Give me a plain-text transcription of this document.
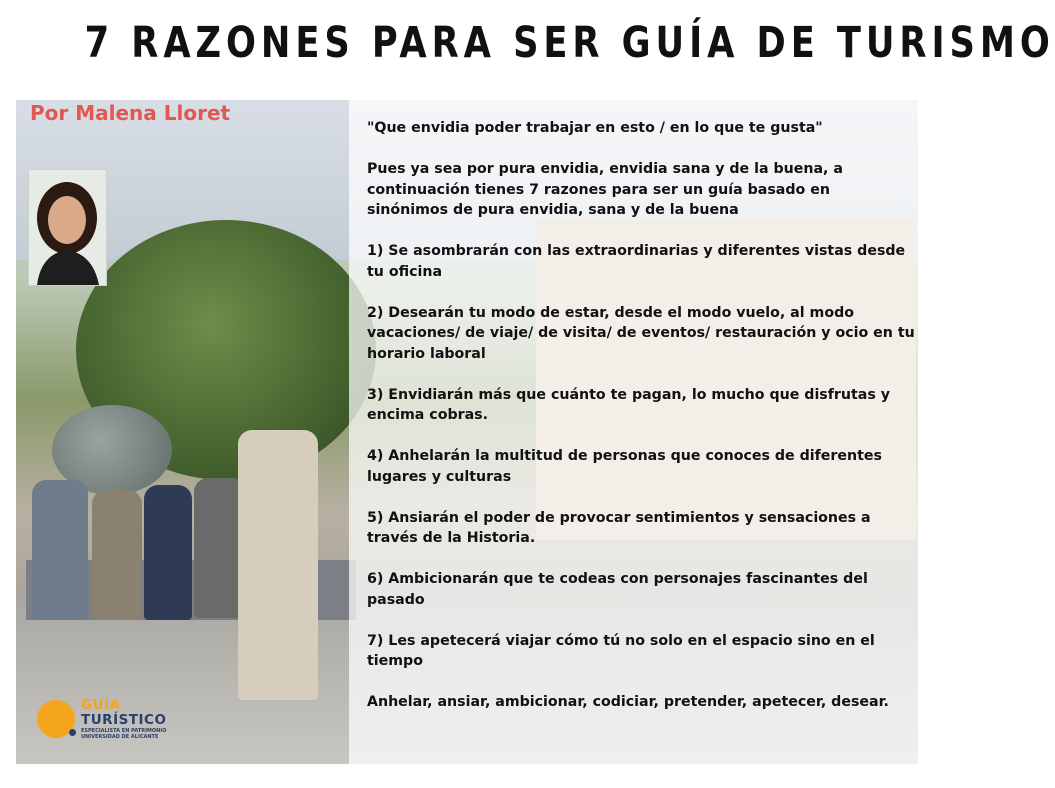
7 RAZONES PARA SER GUÍA DE TURISMO
Por Malena Lloret

"Que envidia poder trabajar en esto / en lo que te gusta"

Pues ya sea por pura envidia, envidia sana y de la buena, a continuación tienes 7 razones para ser un guía basado en sinónimos de pura envidia, sana y de la buena

1) Se asombrarán con las extraordinarias y diferentes vistas desde tu oficina

2) Desearán tu modo de estar, desde el modo vuelo, al modo vacaciones/ de viaje/ de visita/ de eventos/ restauración y ocio en tu horario laboral

3) Envidiarán más que cuánto te pagan, lo mucho que disfrutas y encima cobras.

4) Anhelarán la multitud de personas que conoces de diferentes lugares y culturas

5) Ansiarán el poder de provocar sentimientos y sensaciones a través de la Historia.

6) Ambicionarán que te codeas con personajes fascinantes del pasado

7) Les apetecerá viajar cómo tú no solo en el espacio sino en el tiempo

Anhelar, ansiar, ambicionar, codiciar, pretender, apetecer, desear.

GUÍA
TURÍSTICO
ESPECIALISTA EN PATRIMONIO
UNIVERSIDAD DE ALICANTE
